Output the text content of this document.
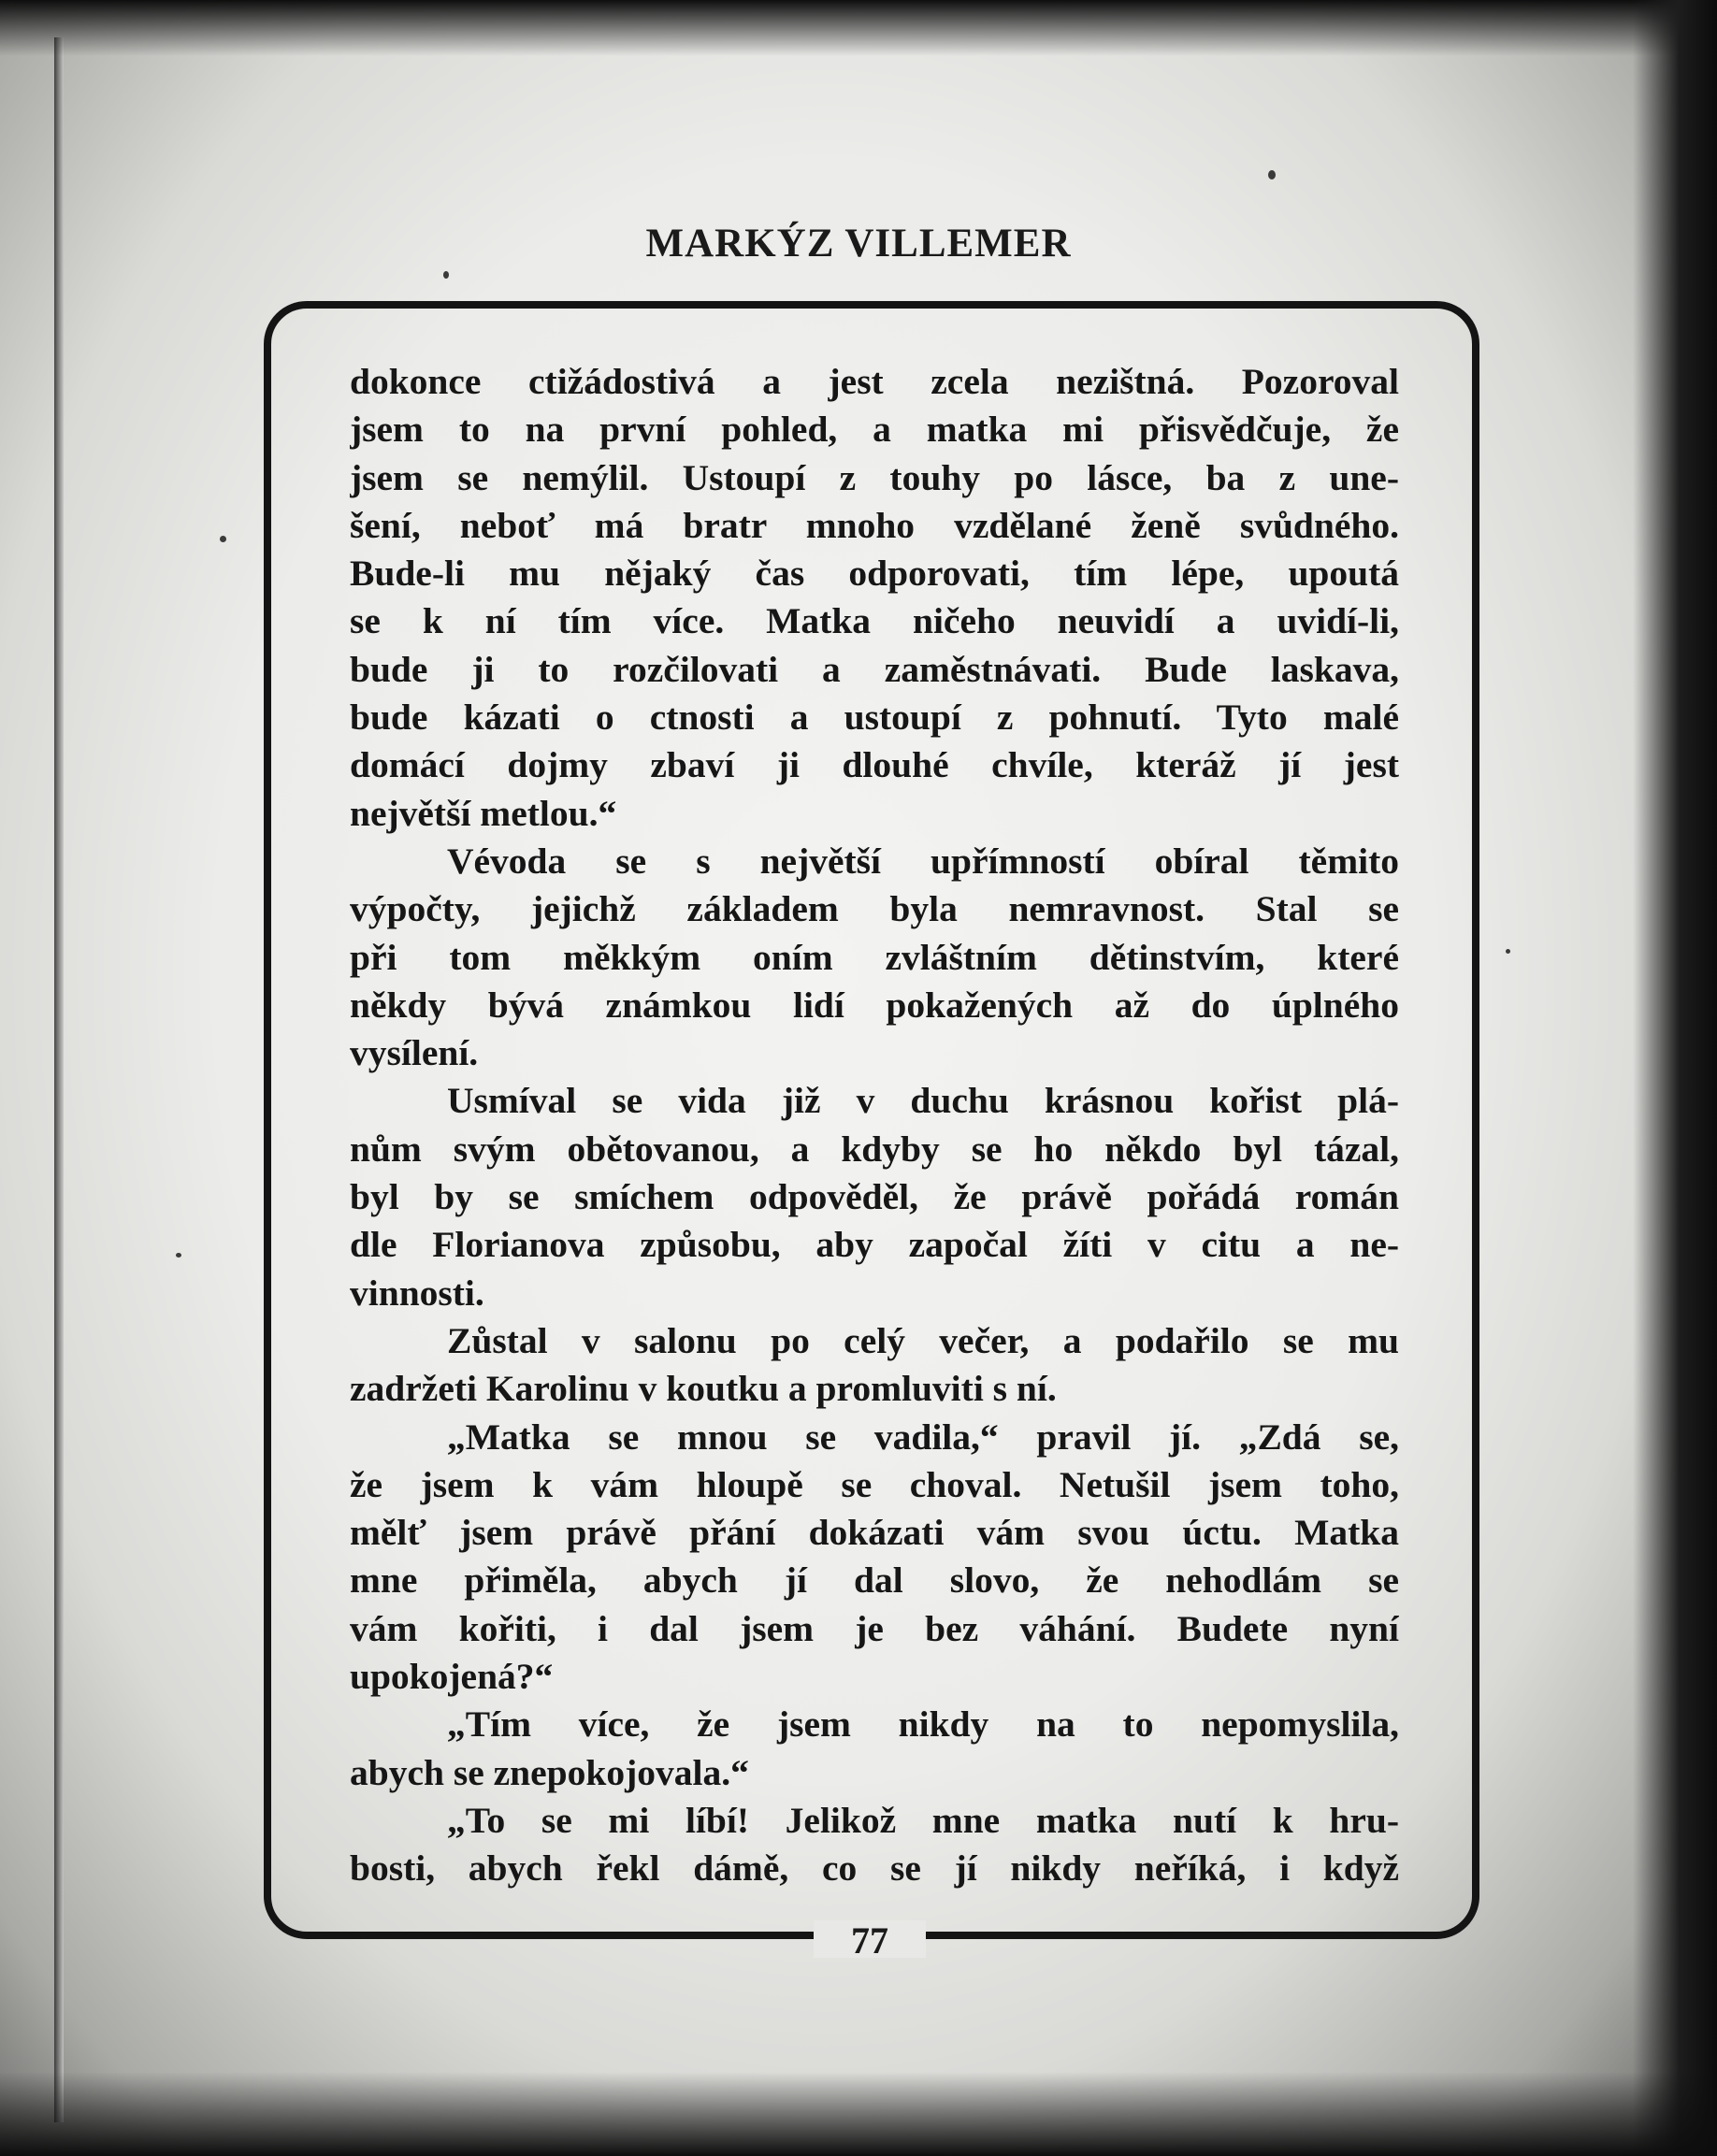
MARKÝZ VILLEMER
77
dokonce ctižádostivá a jest zcela nezištná. Pozoroval
jsem to na první pohled, a matka mi přisvědčuje, že
jsem se nemýlil. Ustoupí z touhy po lásce, ba z une-
šení, neboť má bratr mnoho vzdělané ženě svůdného.
Bude-li mu nějaký čas odporovati, tím lépe, upoutá
se k ní tím více. Matka ničeho neuvidí a uvidí-li,
bude ji to rozčilovati a zaměstnávati. Bude laskava,
bude kázati o ctnosti a ustoupí z pohnutí. Tyto malé
domácí dojmy zbaví ji dlouhé chvíle, kteráž jí jest
největší metlou.“
Vévoda se s největší upřímností obíral těmito
výpočty, jejichž základem byla nemravnost. Stal se
při tom měkkým oním zvláštním dětinstvím, které
někdy bývá známkou lidí pokažených až do úplného
vysílení.
Usmíval se vida již v duchu krásnou kořist plá-
nům svým obětovanou, a kdyby se ho někdo byl tázal,
byl by se smíchem odpověděl, že právě pořádá román
dle Florianova způsobu, aby započal žíti v citu a ne-
vinnosti.
Zůstal v salonu po celý večer, a podařilo se mu
zadržeti Karolinu v koutku a promluviti s ní.
„Matka se mnou se vadila,“ pravil jí. „Zdá se,
že jsem k vám hloupě se choval. Netušil jsem toho,
mělť jsem právě přání dokázati vám svou úctu. Matka
mne přiměla, abych jí dal slovo, že nehodlám se
vám kořiti, i dal jsem je bez váhání. Budete nyní
upokojená?“
„Tím více, že jsem nikdy na to nepomyslila,
abych se znepokojovala.“
„To se mi líbí! Jelikož mne matka nutí k hru-
bosti, abych řekl dámě, co se jí nikdy neříká, i když
